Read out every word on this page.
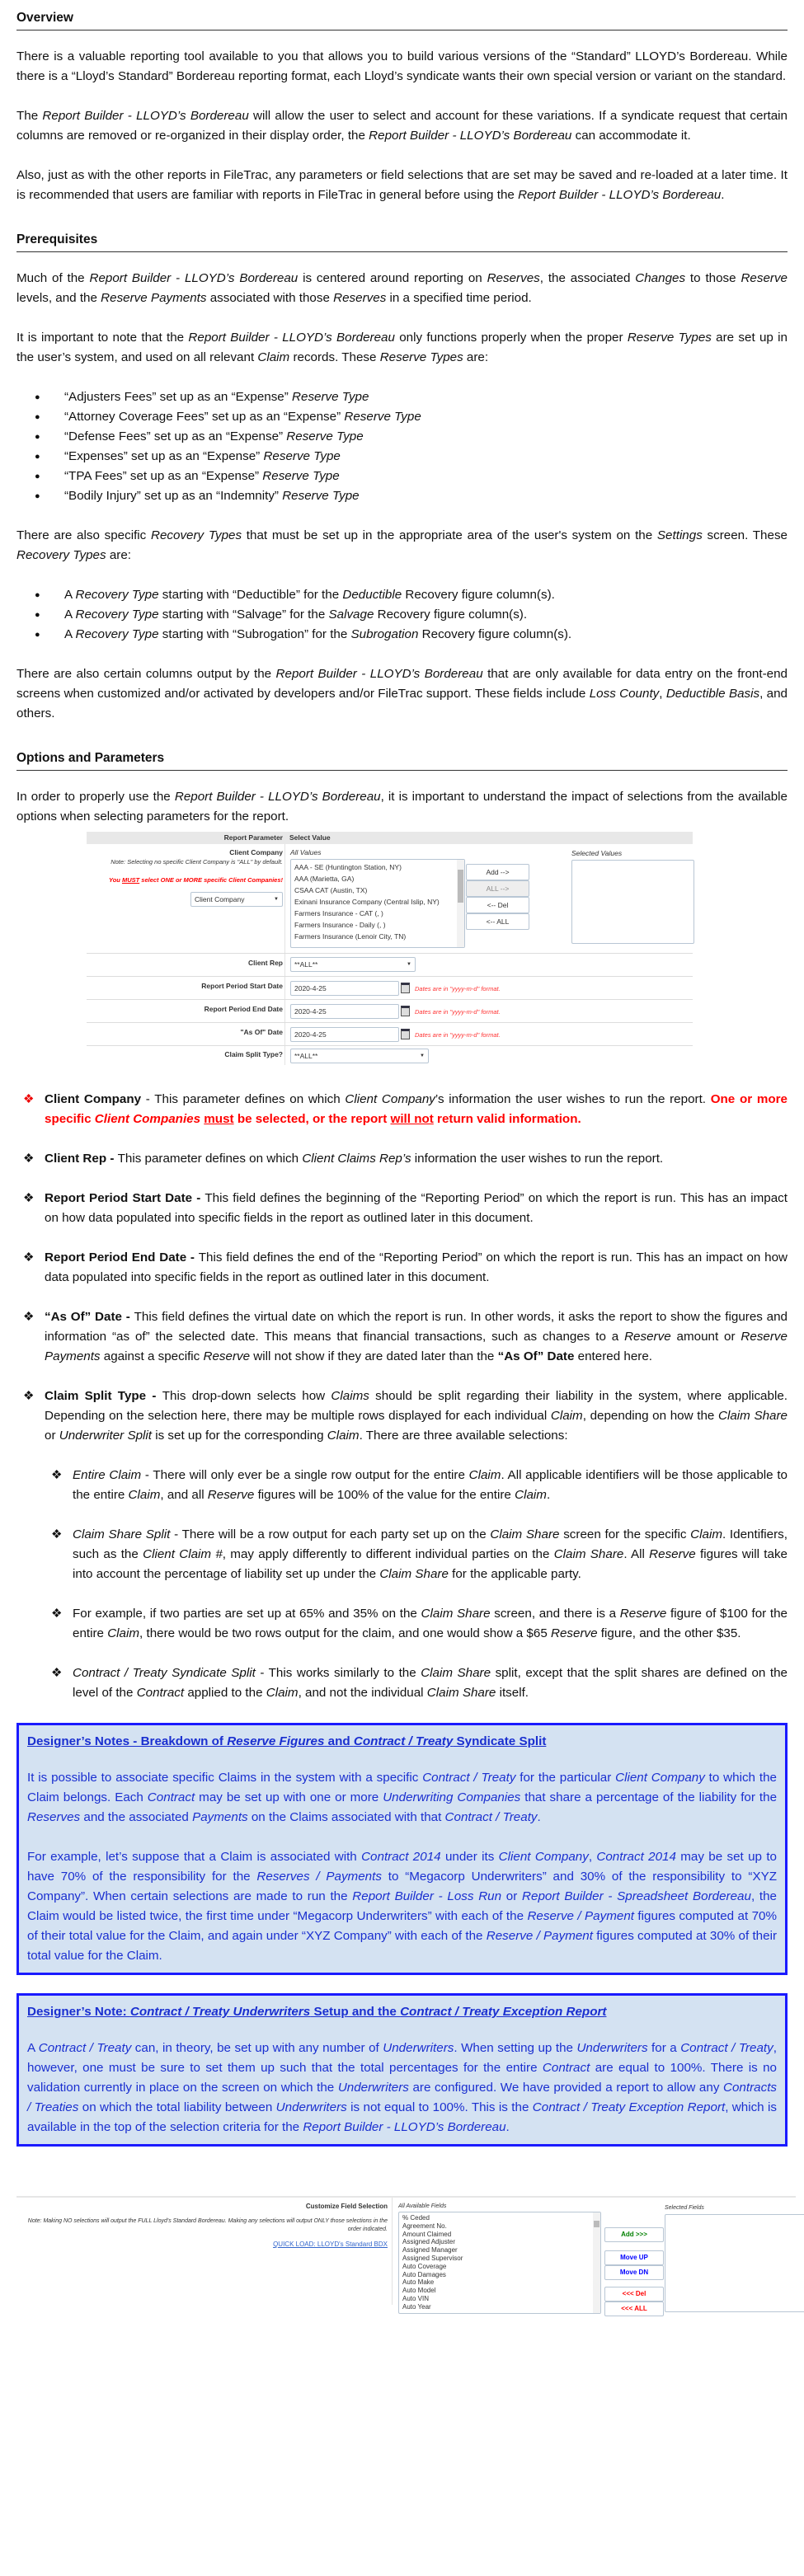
Overview

There is a valuable reporting tool available to you that allows you to build various versions of the “Standard” LLOYD’s Bordereau. While there is a “Lloyd’s Standard” Bordereau reporting format, each Lloyd’s syndicate wants their own special version or variant on the standard.

The Report Builder - LLOYD’s Bordereau will allow the user to select and account for these variations. If a syndicate request that certain columns are removed or re-organized in their display order, the Report Builder - LLOYD’s Bordereau can accommodate it.

Also, just as with the other reports in FileTrac, any parameters or field selections that are set may be saved and re-loaded at a later time. It is recommended that users are familiar with reports in FileTrac in general before using the Report Builder - LLOYD’s Bordereau.

Prerequisites

Much of the Report Builder - LLOYD’s Bordereau is centered around reporting on Reserves, the associated Changes to those Reserve levels, and the Reserve Payments associated with those Reserves in a specified time period.

It is important to note that the Report Builder - LLOYD’s Bordereau only functions properly when the proper Reserve Types are set up in the user’s system, and used on all relevant Claim records. These Reserve Types are:

● “Adjusters Fees” set up as an “Expense” Reserve Type
● “Attorney Coverage Fees” set up as an “Expense” Reserve Type
● “Defense Fees” set up as an “Expense” Reserve Type
● “Expenses” set up as an “Expense” Reserve Type
● “TPA Fees” set up as an “Expense” Reserve Type
● “Bodily Injury” set up as an “Indemnity” Reserve Type

There are also specific Recovery Types that must be set up in the appropriate area of the user's system on the Settings screen. These Recovery Types are:

● A Recovery Type starting with “Deductible” for the Deductible Recovery figure column(s).
● A Recovery Type starting with “Salvage” for the Salvage Recovery figure column(s).
● A Recovery Type starting with “Subrogation” for the Subrogation Recovery figure column(s).

There are also certain columns output by the Report Builder - LLOYD’s Bordereau that are only available for data entry on the front-end screens when customized and/or activated by developers and/or FileTrac support. These fields include Loss County, Deductible Basis, and others.

Options and Parameters

In order to properly use the Report Builder - LLOYD’s Bordereau, it is important to understand the impact of selections from the available options when selecting parameters for the report.

Report Parameter Select Value
Client Company
Note: Selecting no specific Client Company is "ALL" by default.
You MUST select ONE or MORE specific Client Companies!
Client Company	▼
All Values
AAA - SE (Huntington Station, NY)
AAA (Marietta, GA)
CSAA CAT (Austin, TX)
Exinani Insurance Company (Central Islip, NY)
Farmers Insurance - CAT (, )
Farmers Insurance - Daily (, )
Farmers Insurance (Lenoir City, TN)
Add -->
ALL -->
<-- Del
<-- ALL
Selected Values
Client Rep	**ALL**	▼
Report Period Start Date	2020-4-25	Dates are in "yyyy-m-d" format.
Report Period End Date	2020-4-25	Dates are in "yyyy-m-d" format.
"As Of" Date	2020-4-25	Dates are in "yyyy-m-d" format.
Claim Split Type?	**ALL**	▼
❖ Client Company - This parameter defines on which Client Company’s information the user wishes to run the report. One or more specific Client Companies must be selected, or the report will not return valid information.
❖ Client Rep - This parameter defines on which Client Claims Rep’s information the user wishes to run the report.
❖ Report Period Start Date - This field defines the beginning of the “Reporting Period” on which the report is run. This has an impact on how data populated into specific fields in the report as outlined later in this document.
❖ Report Period End Date - This field defines the end of the “Reporting Period” on which the report is run. This has an impact on how data populated into specific fields in the report as outlined later in this document.
❖ “As Of” Date - This field defines the virtual date on which the report is run. In other words, it asks the report to show the figures and information “as of” the selected date. This means that financial transactions, such as changes to a Reserve amount or Reserve Payments against a specific Reserve will not show if they are dated later than the “As Of” Date entered here.
❖ Claim Split Type - This drop-down selects how Claims should be split regarding their liability in the system, where applicable. Depending on the selection here, there may be multiple rows displayed for each individual Claim, depending on how the Claim Share or Underwriter Split is set up for the corresponding Claim. There are three available selections:
❖ Entire Claim - There will only ever be a single row output for the entire Claim. All applicable identifiers will be those applicable to the entire Claim, and all Reserve figures will be 100% of the value for the entire Claim.
❖ Claim Share Split - There will be a row output for each party set up on the Claim Share screen for the specific Claim. Identifiers, such as the Client Claim #, may apply differently to different individual parties on the Claim Share. All Reserve figures will take into account the percentage of liability set up under the Claim Share for the applicable party.
❖ For example, if two parties are set up at 65% and 35% on the Claim Share screen, and there is a Reserve figure of $100 for the entire Claim, there would be two rows output for the claim, and one would show a $65 Reserve figure, and the other $35.
❖ Contract / Treaty Syndicate Split - This works similarly to the Claim Share split, except that the split shares are defined on the level of the Contract applied to the Claim, and not the individual Claim Share itself.
Designer’s Notes - Breakdown of Reserve Figures and Contract / Treaty Syndicate Split

It is possible to associate specific Claims in the system with a specific Contract / Treaty for the particular Client Company to which the Claim belongs. Each Contract may be set up with one or more Underwriting Companies that share a percentage of the liability for the Reserves and the associated Payments on the Claims associated with that Contract / Treaty.

For example, let’s suppose that a Claim is associated with Contract 2014 under its Client Company, Contract 2014 may be set up to have 70% of the responsibility for the Reserves / Payments to “Megacorp Underwriters” and 30% of the responsibility to “XYZ Company”. When certain selections are made to run the Report Builder - Loss Run or Report Builder - Spreadsheet Bordereau, the Claim would be listed twice, the first time under “Megacorp Underwriters” with each of the Reserve / Payment figures computed at 70% of their total value for the Claim, and again under “XYZ Company” with each of the Reserve / Payment figures computed at 30% of their total value for the Claim.

Designer’s Note: Contract / Treaty Underwriters Setup and the Contract / Treaty Exception Report

A Contract / Treaty can, in theory, be set up with any number of Underwriters. When setting up the Underwriters for a Contract / Treaty, however, one must be sure to set them up such that the total percentages for the entire Contract are equal to 100%. There is no validation currently in place on the screen on which the Underwriters are configured. We have provided a report to allow any Contracts / Treaties on which the total liability between Underwriters is not equal to 100%. This is the Contract / Treaty Exception Report, which is available in the top of the selection criteria for the Report Builder - LLOYD’s Bordereau.

Customize Field Selection
Note: Making NO selections will output the FULL Lloyd's Standard Bordereau. Making any selections will output ONLY those selections in the order indicated.
QUICK LOAD: LLOYD's Standard BDX
All Available Fields
% Ceded
Agreement No.
Amount Claimed
Assigned Adjuster
Assigned Manager
Assigned Supervisor
Auto Coverage
Auto Damages
Auto Make
Auto Model
Auto VIN
Auto Year
Add >>>
Move UP
Move DN
<<< Del
<<< ALL
Selected Fields
